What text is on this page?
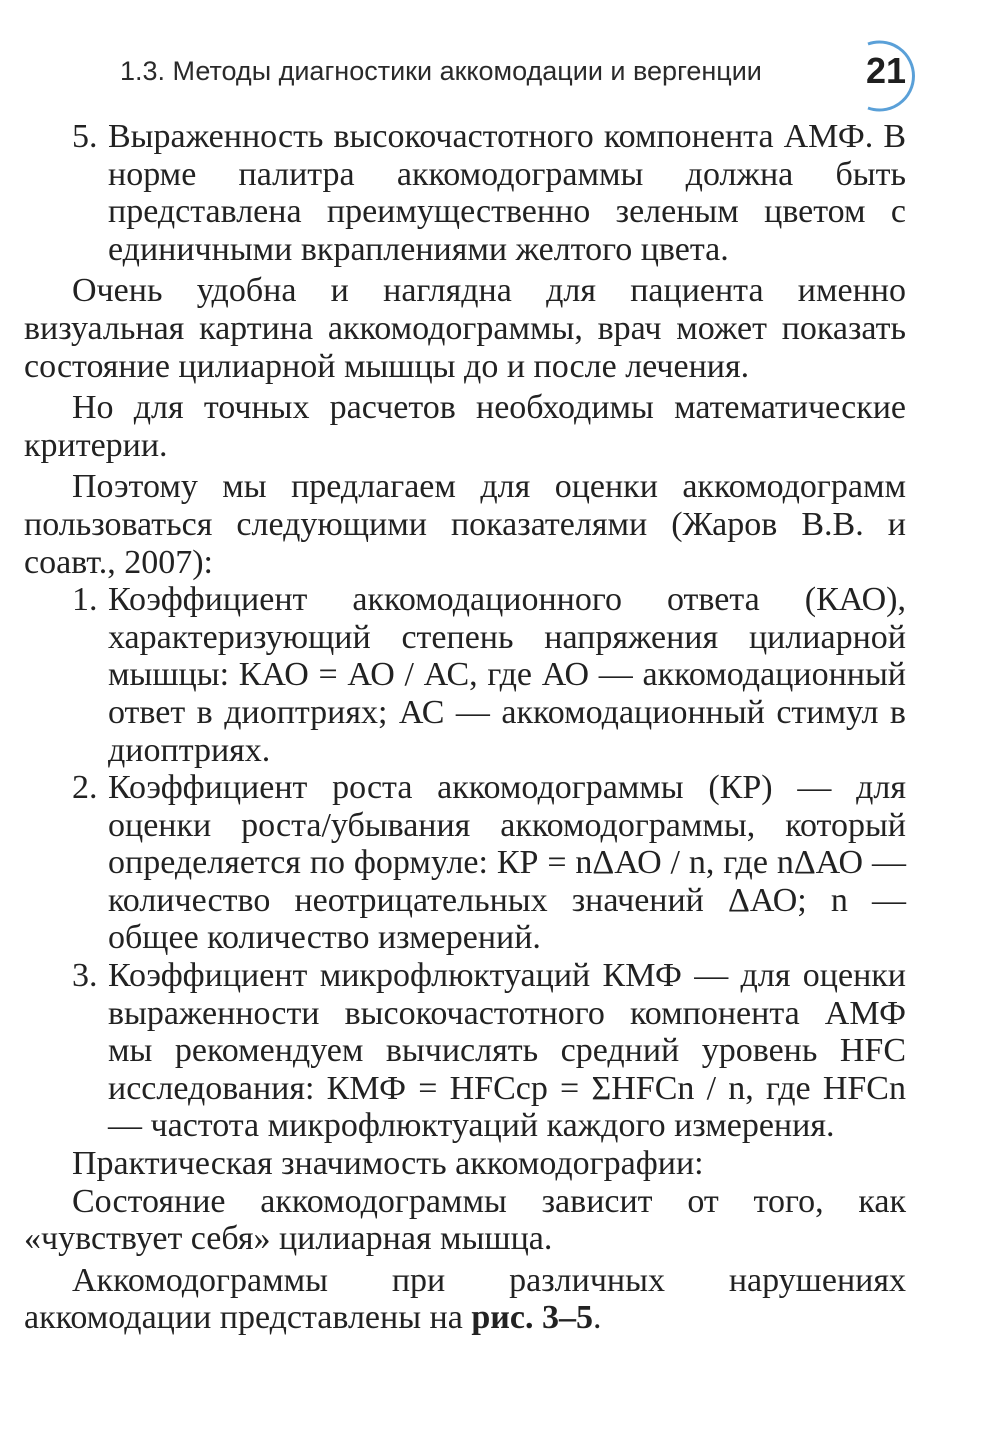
1.3. Методы диагностики аккомодации и вергенции	21
5. Выраженность высокочастотного компонента АМФ. В норме палитра аккомодограммы должна быть представлена преимущественно зеленым цветом с единичными вкраплениями желтого цвета.

Очень удобна и наглядна для пациента именно визуальная картина аккомодограммы, врач может показать состояние цилиарной мышцы до и после лечения.

Но для точных расчетов необходимы математические критерии.

Поэтому мы предлагаем для оценки аккомодограмм пользоваться следующими показателями (Жаров В.В. и соавт., 2007):

1. Коэффициент аккомодационного ответа (КАО), характеризующий степень напряжения цилиарной мышцы: КАО = АО / АС, где АО — аккомодационный ответ в диоптриях; АС — аккомодационный стимул в диоптриях.
2. Коэффициент роста аккомодограммы (КР) — для оценки роста/убывания аккомодограммы, который определяется по формуле: КР = nΔАО / n, где nΔАО — количество неотрицательных значений ΔАО; n — общее количество измерений.
3. Коэффициент микрофлюктуаций КМФ — для оценки выраженности высокочастотного компонента АМФ мы рекомендуем вычислять средний уровень HFC исследования: КМФ = HFCср = ΣHFCn / n, где HFCn — частота микрофлюктуаций каждого измерения.

Практическая значимость аккомодографии:

Состояние аккомодограммы зависит от того, как «чувствует себя» цилиарная мышца.

Аккомодограммы при различных нарушениях аккомодации представлены на рис. 3–5.
